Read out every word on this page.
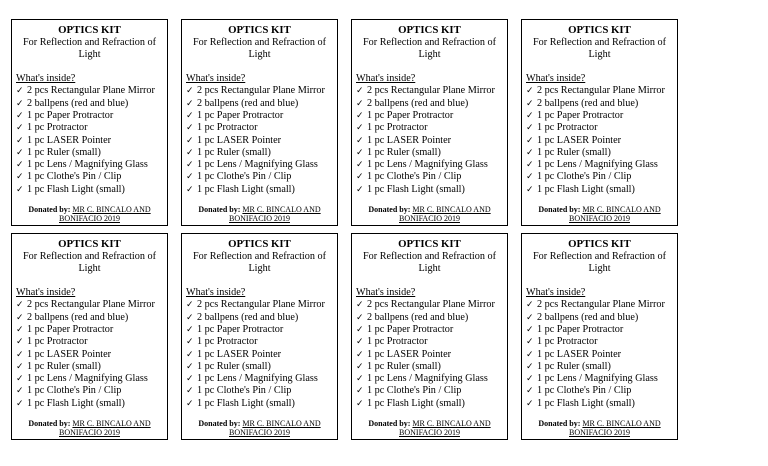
OPTICS KIT
For Reflection and Refraction of Light
What's inside?
✓ 2 pcs Rectangular Plane Mirror
✓ 2 ballpens (red and blue)
✓ 1 pc Paper Protractor
✓ 1 pc Protractor
✓ 1 pc LASER Pointer
✓ 1 pc Ruler (small)
✓ 1 pc Lens / Magnifying Glass
✓ 1 pc Clothe's Pin / Clip
✓ 1 pc Flash Light (small)
Donated by: MR C. BINCALO AND BONIFACIO 2019
OPTICS KIT
For Reflection and Refraction of Light
What's inside?
✓ 2 pcs Rectangular Plane Mirror
✓ 2 ballpens (red and blue)
✓ 1 pc Paper Protractor
✓ 1 pc Protractor
✓ 1 pc LASER Pointer
✓ 1 pc Ruler (small)
✓ 1 pc Lens / Magnifying Glass
✓ 1 pc Clothe's Pin / Clip
✓ 1 pc Flash Light (small)
Donated by: MR C. BINCALO AND BONIFACIO 2019
OPTICS KIT
For Reflection and Refraction of Light
What's inside?
✓ 2 pcs Rectangular Plane Mirror
✓ 2 ballpens (red and blue)
✓ 1 pc Paper Protractor
✓ 1 pc Protractor
✓ 1 pc LASER Pointer
✓ 1 pc Ruler (small)
✓ 1 pc Lens / Magnifying Glass
✓ 1 pc Clothe's Pin / Clip
✓ 1 pc Flash Light (small)
Donated by: MR C. BINCALO AND BONIFACIO 2019
OPTICS KIT
For Reflection and Refraction of Light
What's inside?
✓ 2 pcs Rectangular Plane Mirror
✓ 2 ballpens (red and blue)
✓ 1 pc Paper Protractor
✓ 1 pc Protractor
✓ 1 pc LASER Pointer
✓ 1 pc Ruler (small)
✓ 1 pc Lens / Magnifying Glass
✓ 1 pc Clothe's Pin / Clip
✓ 1 pc Flash Light (small)
Donated by: MR C. BINCALO AND BONIFACIO 2019
OPTICS KIT
For Reflection and Refraction of Light
What's inside?
✓ 2 pcs Rectangular Plane Mirror
✓ 2 ballpens (red and blue)
✓ 1 pc Paper Protractor
✓ 1 pc Protractor
✓ 1 pc LASER Pointer
✓ 1 pc Ruler (small)
✓ 1 pc Lens / Magnifying Glass
✓ 1 pc Clothe's Pin / Clip
✓ 1 pc Flash Light (small)
Donated by: MR C. BINCALO AND BONIFACIO 2019
OPTICS KIT
For Reflection and Refraction of Light
What's inside?
✓ 2 pcs Rectangular Plane Mirror
✓ 2 ballpens (red and blue)
✓ 1 pc Paper Protractor
✓ 1 pc Protractor
✓ 1 pc LASER Pointer
✓ 1 pc Ruler (small)
✓ 1 pc Lens / Magnifying Glass
✓ 1 pc Clothe's Pin / Clip
✓ 1 pc Flash Light (small)
Donated by: MR C. BINCALO AND BONIFACIO 2019
OPTICS KIT
For Reflection and Refraction of Light
What's inside?
✓ 2 pcs Rectangular Plane Mirror
✓ 2 ballpens (red and blue)
✓ 1 pc Paper Protractor
✓ 1 pc Protractor
✓ 1 pc LASER Pointer
✓ 1 pc Ruler (small)
✓ 1 pc Lens / Magnifying Glass
✓ 1 pc Clothe's Pin / Clip
✓ 1 pc Flash Light (small)
Donated by: MR C. BINCALO AND BONIFACIO 2019
OPTICS KIT
For Reflection and Refraction of Light
What's inside?
✓ 2 pcs Rectangular Plane Mirror
✓ 2 ballpens (red and blue)
✓ 1 pc Paper Protractor
✓ 1 pc Protractor
✓ 1 pc LASER Pointer
✓ 1 pc Ruler (small)
✓ 1 pc Lens / Magnifying Glass
✓ 1 pc Clothe's Pin / Clip
✓ 1 pc Flash Light (small)
Donated by: MR C. BINCALO AND BONIFACIO 2019
